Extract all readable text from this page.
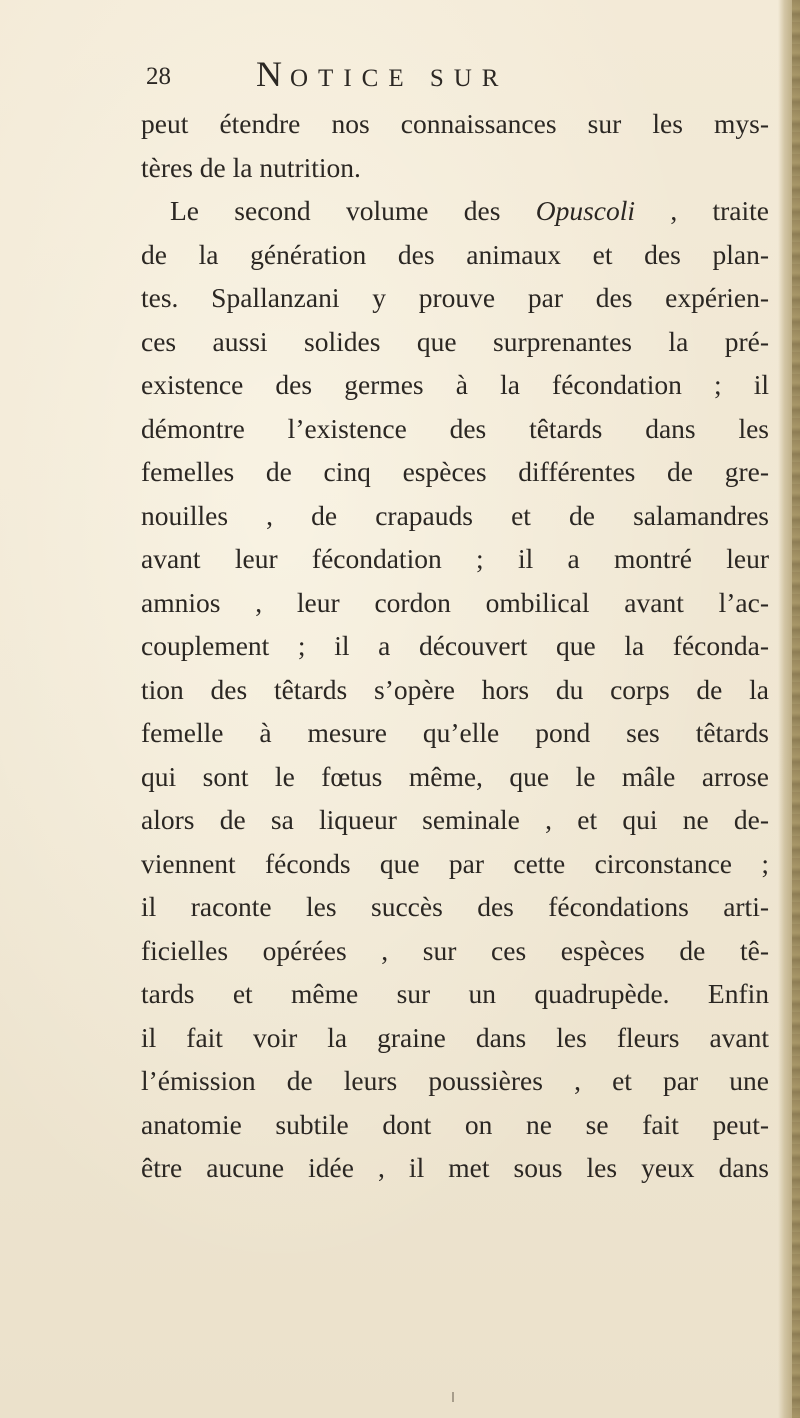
28 NOTICE SUR
peut étendre nos connaissances sur les mys-
tères de la nutrition.
Le second volume des Opuscoli , traite
de la génération des animaux et des plan-
tes. Spallanzani y prouve par des expérien-
ces aussi solides que surprenantes la pré-
existence des germes à la fécondation ; il
démontre l’existence des têtards dans les
femelles de cinq espèces différentes de gre-
nouilles , de crapauds et de salamandres
avant leur fécondation ; il a montré leur
amnios , leur cordon ombilical avant l’ac-
couplement ; il a découvert que la féconda-
tion des têtards s’opère hors du corps de la
femelle à mesure qu’elle pond ses têtards
qui sont le fœtus même, que le mâle arrose
alors de sa liqueur seminale , et qui ne de-
viennent féconds que par cette circonstance ;
il raconte les succès des fécondations arti-
ficielles opérées , sur ces espèces de tê-
tards et même sur un quadrupède. Enfin
il fait voir la graine dans les fleurs avant
l’émission de leurs poussières , et par une
anatomie subtile dont on ne se fait peut-
être aucune idée , il met sous les yeux dans
